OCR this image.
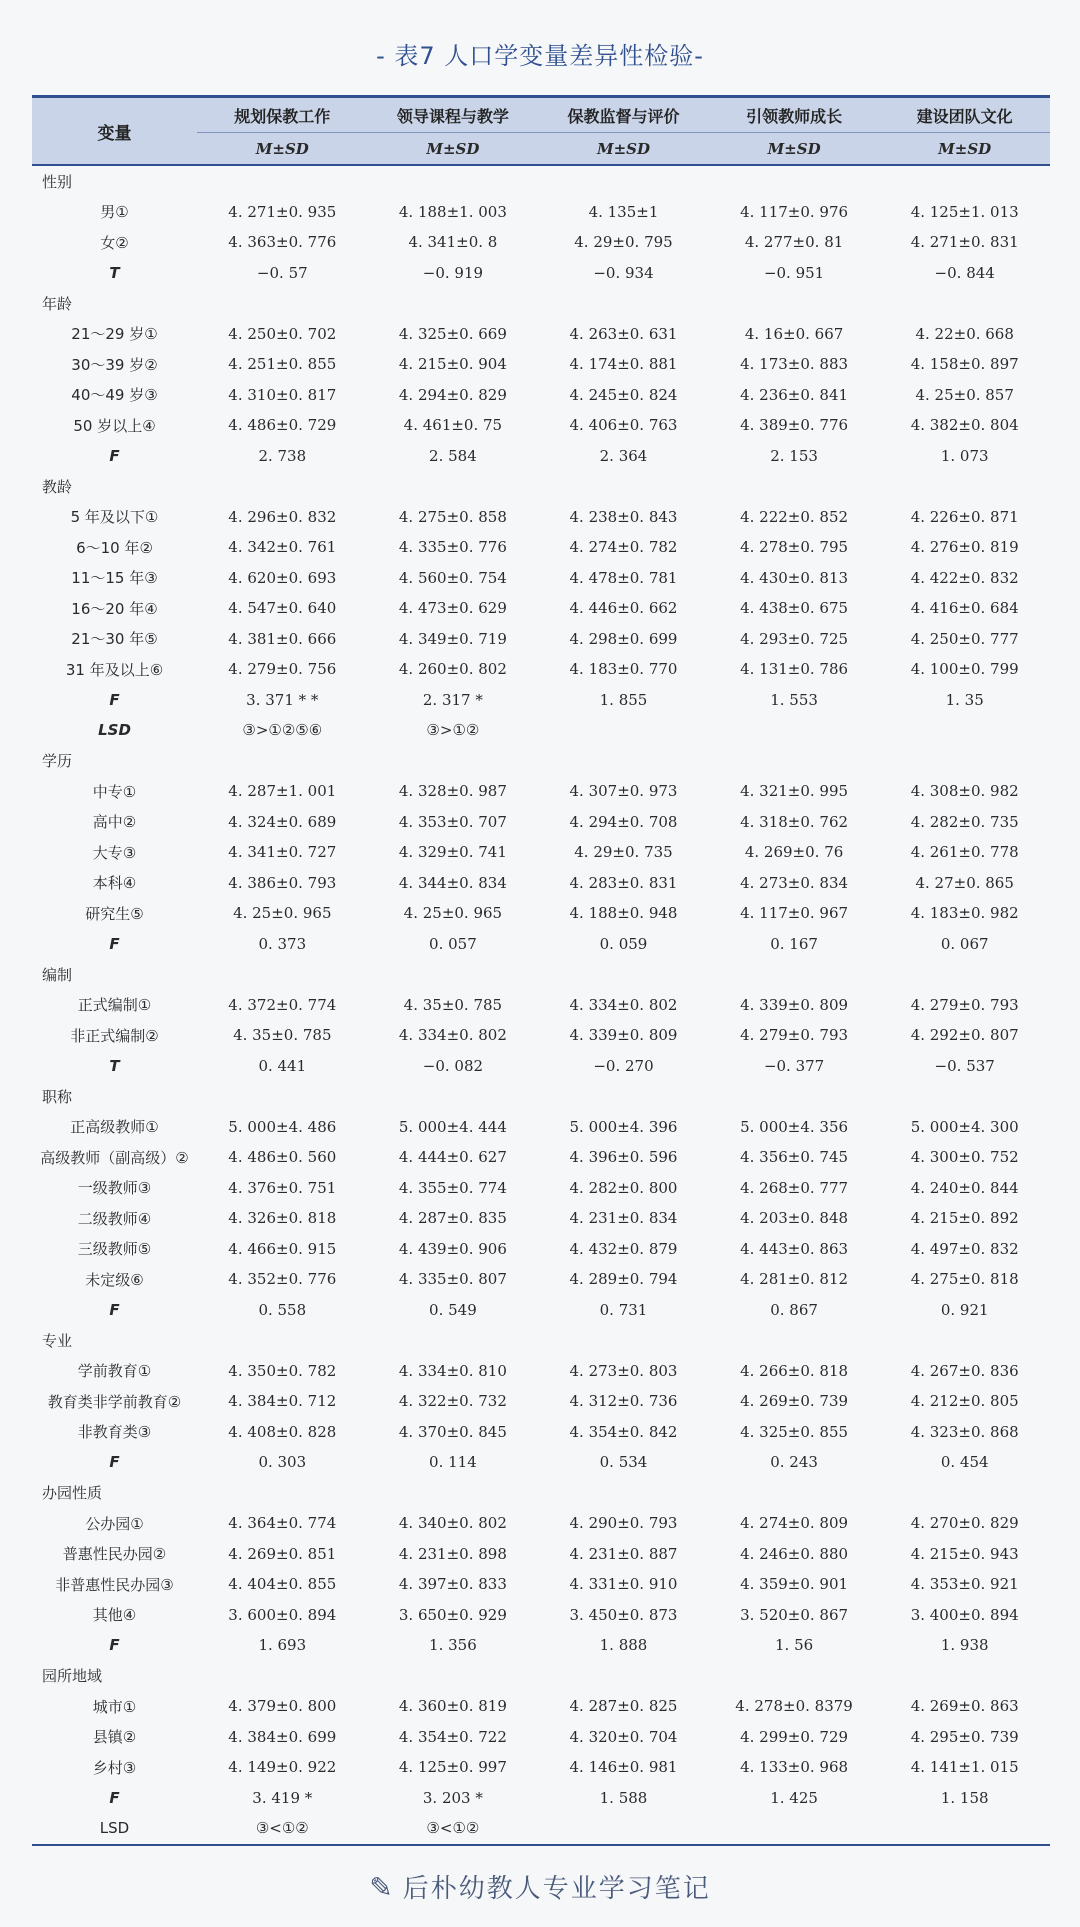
- 表7 人口学变量差异性检验-
变量	规划保教工作	领导课程与教学	保教监督与评价	引领教师成长	建设团队文化
	M±SD	M±SD	M±SD	M±SD	M±SD
性别					
男①	4. 271±0. 935	4. 188±1. 003	4. 135±1	4. 117±0. 976	4. 125±1. 013
女②	4. 363±0. 776	4. 341±0. 8	4. 29±0. 795	4. 277±0. 81	4. 271±0. 831
T	−0. 57	−0. 919	−0. 934	−0. 951	−0. 844
年龄					
21～29 岁①	4. 250±0. 702	4. 325±0. 669	4. 263±0. 631	4. 16±0. 667	4. 22±0. 668
30～39 岁②	4. 251±0. 855	4. 215±0. 904	4. 174±0. 881	4. 173±0. 883	4. 158±0. 897
40～49 岁③	4. 310±0. 817	4. 294±0. 829	4. 245±0. 824	4. 236±0. 841	4. 25±0. 857
50 岁以上④	4. 486±0. 729	4. 461±0. 75	4. 406±0. 763	4. 389±0. 776	4. 382±0. 804
F	2. 738	2. 584	2. 364	2. 153	1. 073
教龄					
5 年及以下①	4. 296±0. 832	4. 275±0. 858	4. 238±0. 843	4. 222±0. 852	4. 226±0. 871
6～10 年②	4. 342±0. 761	4. 335±0. 776	4. 274±0. 782	4. 278±0. 795	4. 276±0. 819
11～15 年③	4. 620±0. 693	4. 560±0. 754	4. 478±0. 781	4. 430±0. 813	4. 422±0. 832
16～20 年④	4. 547±0. 640	4. 473±0. 629	4. 446±0. 662	4. 438±0. 675	4. 416±0. 684
21～30 年⑤	4. 381±0. 666	4. 349±0. 719	4. 298±0. 699	4. 293±0. 725	4. 250±0. 777
31 年及以上⑥	4. 279±0. 756	4. 260±0. 802	4. 183±0. 770	4. 131±0. 786	4. 100±0. 799
F	3. 371 * *	2. 317 *	1. 855	1. 553	1. 35
LSD	③>①②⑤⑥	③>①②			
学历					
中专①	4. 287±1. 001	4. 328±0. 987	4. 307±0. 973	4. 321±0. 995	4. 308±0. 982
高中②	4. 324±0. 689	4. 353±0. 707	4. 294±0. 708	4. 318±0. 762	4. 282±0. 735
大专③	4. 341±0. 727	4. 329±0. 741	4. 29±0. 735	4. 269±0. 76	4. 261±0. 778
本科④	4. 386±0. 793	4. 344±0. 834	4. 283±0. 831	4. 273±0. 834	4. 27±0. 865
研究生⑤	4. 25±0. 965	4. 25±0. 965	4. 188±0. 948	4. 117±0. 967	4. 183±0. 982
F	0. 373	0. 057	0. 059	0. 167	0. 067
编制					
正式编制①	4. 372±0. 774	4. 35±0. 785	4. 334±0. 802	4. 339±0. 809	4. 279±0. 793
非正式编制②	4. 35±0. 785	4. 334±0. 802	4. 339±0. 809	4. 279±0. 793	4. 292±0. 807
T	0. 441	−0. 082	−0. 270	−0. 377	−0. 537
职称					
正高级教师①	5. 000±4. 486	5. 000±4. 444	5. 000±4. 396	5. 000±4. 356	5. 000±4. 300
高级教师（副高级）②	4. 486±0. 560	4. 444±0. 627	4. 396±0. 596	4. 356±0. 745	4. 300±0. 752
一级教师③	4. 376±0. 751	4. 355±0. 774	4. 282±0. 800	4. 268±0. 777	4. 240±0. 844
二级教师④	4. 326±0. 818	4. 287±0. 835	4. 231±0. 834	4. 203±0. 848	4. 215±0. 892
三级教师⑤	4. 466±0. 915	4. 439±0. 906	4. 432±0. 879	4. 443±0. 863	4. 497±0. 832
未定级⑥	4. 352±0. 776	4. 335±0. 807	4. 289±0. 794	4. 281±0. 812	4. 275±0. 818
F	0. 558	0. 549	0. 731	0. 867	0. 921
专业					
学前教育①	4. 350±0. 782	4. 334±0. 810	4. 273±0. 803	4. 266±0. 818	4. 267±0. 836
教育类非学前教育②	4. 384±0. 712	4. 322±0. 732	4. 312±0. 736	4. 269±0. 739	4. 212±0. 805
非教育类③	4. 408±0. 828	4. 370±0. 845	4. 354±0. 842	4. 325±0. 855	4. 323±0. 868
F	0. 303	0. 114	0. 534	0. 243	0. 454
办园性质					
公办园①	4. 364±0. 774	4. 340±0. 802	4. 290±0. 793	4. 274±0. 809	4. 270±0. 829
普惠性民办园②	4. 269±0. 851	4. 231±0. 898	4. 231±0. 887	4. 246±0. 880	4. 215±0. 943
非普惠性民办园③	4. 404±0. 855	4. 397±0. 833	4. 331±0. 910	4. 359±0. 901	4. 353±0. 921
其他④	3. 600±0. 894	3. 650±0. 929	3. 450±0. 873	3. 520±0. 867	3. 400±0. 894
F	1. 693	1. 356	1. 888	1. 56	1. 938
园所地域					
城市①	4. 379±0. 800	4. 360±0. 819	4. 287±0. 825	4. 278±0. 8379	4. 269±0. 863
县镇②	4. 384±0. 699	4. 354±0. 722	4. 320±0. 704	4. 299±0. 729	4. 295±0. 739
乡村③	4. 149±0. 922	4. 125±0. 997	4. 146±0. 981	4. 133±0. 968	4. 141±1. 015
F	3. 419 *	3. 203 *	1. 588	1. 425	1. 158
LSD	③<①②	③<①②			
✎ 后朴幼教人专业学习笔记
